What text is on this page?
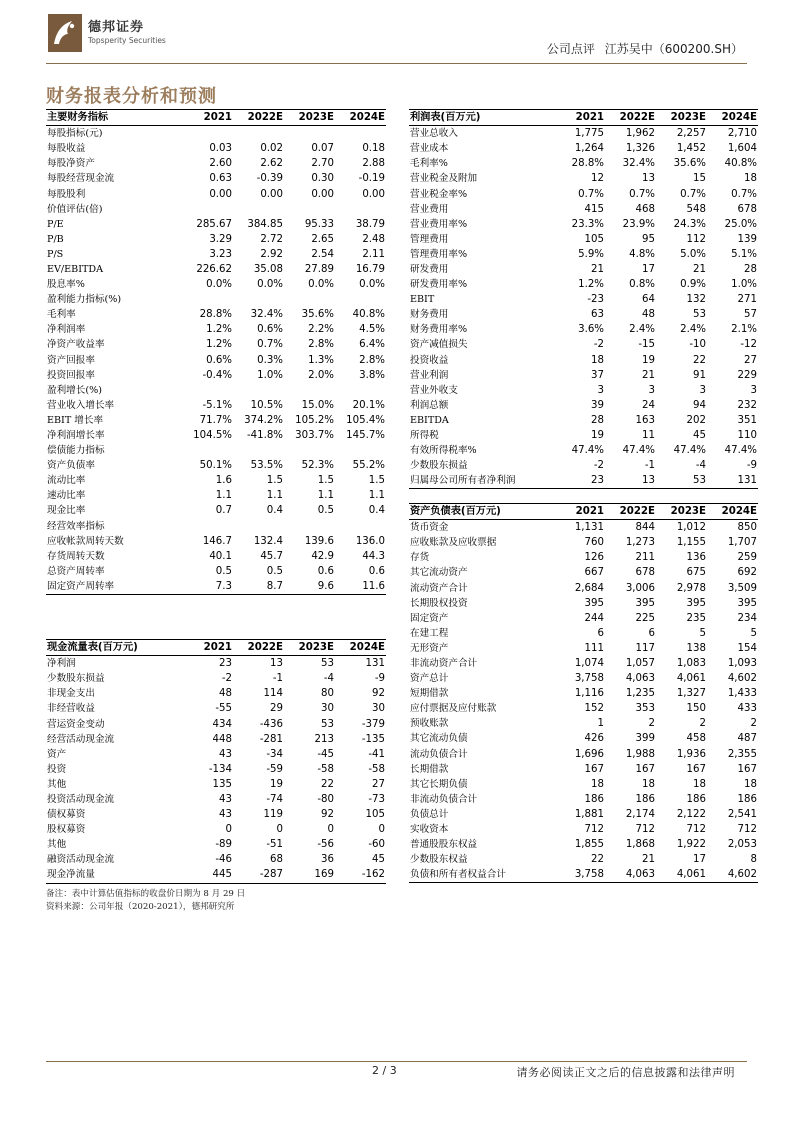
德邦证券
Topsperity Securities
公司点评 江苏吴中（600200.SH）
财务报表分析和预测
主要财务指标	2021	2022E	2023E	2024E
每股指标(元)				
每股收益	0.03	0.02	0.07	0.18
每股净资产	2.60	2.62	2.70	2.88
每股经营现金流	0.63	-0.39	0.30	-0.19
每股股利	0.00	0.00	0.00	0.00
价值评估(倍)				
P/E	285.67	384.85	95.33	38.79
P/B	3.29	2.72	2.65	2.48
P/S	3.23	2.92	2.54	2.11
EV/EBITDA	226.62	35.08	27.89	16.79
股息率%	0.0%	0.0%	0.0%	0.0%
盈利能力指标(%)				
毛利率	28.8%	32.4%	35.6%	40.8%
净利润率	1.2%	0.6%	2.2%	4.5%
净资产收益率	1.2%	0.7%	2.8%	6.4%
资产回报率	0.6%	0.3%	1.3%	2.8%
投资回报率	-0.4%	1.0%	2.0%	3.8%
盈利增长(%)				
营业收入增长率	-5.1%	10.5%	15.0%	20.1%
EBIT 增长率	71.7%	374.2%	105.2%	105.4%
净利润增长率	104.5%	-41.8%	303.7%	145.7%
偿债能力指标				
资产负债率	50.1%	53.5%	52.3%	55.2%
流动比率	1.6	1.5	1.5	1.5
速动比率	1.1	1.1	1.1	1.1
现金比率	0.7	0.4	0.5	0.4
经营效率指标				
应收帐款周转天数	146.7	132.4	139.6	136.0
存货周转天数	40.1	45.7	42.9	44.3
总资产周转率	0.5	0.5	0.6	0.6
固定资产周转率	7.3	8.7	9.6	11.6
现金流量表(百万元)	2021	2022E	2023E	2024E
净利润	23	13	53	131
少数股东损益	-2	-1	-4	-9
非现金支出	48	114	80	92
非经营收益	-55	29	30	30
营运资金变动	434	-436	53	-379
经营活动现金流	448	-281	213	-135
资产	43	-34	-45	-41
投资	-134	-59	-58	-58
其他	135	19	22	27
投资活动现金流	43	-74	-80	-73
债权募资	43	119	92	105
股权募资	0	0	0	0
其他	-89	-51	-56	-60
融资活动现金流	-46	68	36	45
现金净流量	445	-287	169	-162
利润表(百万元)	2021	2022E	2023E	2024E
营业总收入	1,775	1,962	2,257	2,710
营业成本	1,264	1,326	1,452	1,604
毛利率%	28.8%	32.4%	35.6%	40.8%
营业税金及附加	12	13	15	18
营业税金率%	0.7%	0.7%	0.7%	0.7%
营业费用	415	468	548	678
营业费用率%	23.3%	23.9%	24.3%	25.0%
管理费用	105	95	112	139
管理费用率%	5.9%	4.8%	5.0%	5.1%
研发费用	21	17	21	28
研发费用率%	1.2%	0.8%	0.9%	1.0%
EBIT	-23	64	132	271
财务费用	63	48	53	57
财务费用率%	3.6%	2.4%	2.4%	2.1%
资产减值损失	-2	-15	-10	-12
投资收益	18	19	22	27
营业利润	37	21	91	229
营业外收支	3	3	3	3
利润总额	39	24	94	232
EBITDA	28	163	202	351
所得税	19	11	45	110
有效所得税率%	47.4%	47.4%	47.4%	47.4%
少数股东损益	-2	-1	-4	-9
归属母公司所有者净利润	23	13	53	131
资产负债表(百万元)	2021	2022E	2023E	2024E
货币资金	1,131	844	1,012	850
应收账款及应收票据	760	1,273	1,155	1,707
存货	126	211	136	259
其它流动资产	667	678	675	692
流动资产合计	2,684	3,006	2,978	3,509
长期股权投资	395	395	395	395
固定资产	244	225	235	234
在建工程	6	6	5	5
无形资产	111	117	138	154
非流动资产合计	1,074	1,057	1,083	1,093
资产总计	3,758	4,063	4,061	4,602
短期借款	1,116	1,235	1,327	1,433
应付票据及应付账款	152	353	150	433
预收账款	1	2	2	2
其它流动负债	426	399	458	487
流动负债合计	1,696	1,988	1,936	2,355
长期借款	167	167	167	167
其它长期负债	18	18	18	18
非流动负债合计	186	186	186	186
负债总计	1,881	2,174	2,122	2,541
实收资本	712	712	712	712
普通股股东权益	1,855	1,868	1,922	2,053
少数股东权益	22	21	17	8
负债和所有者权益合计	3,758	4,063	4,061	4,602
备注：表中计算估值指标的收盘价日期为 8 月 29 日
资料来源：公司年报（2020-2021），德邦研究所
2 / 3	请务必阅读正文之后的信息披露和法律声明
